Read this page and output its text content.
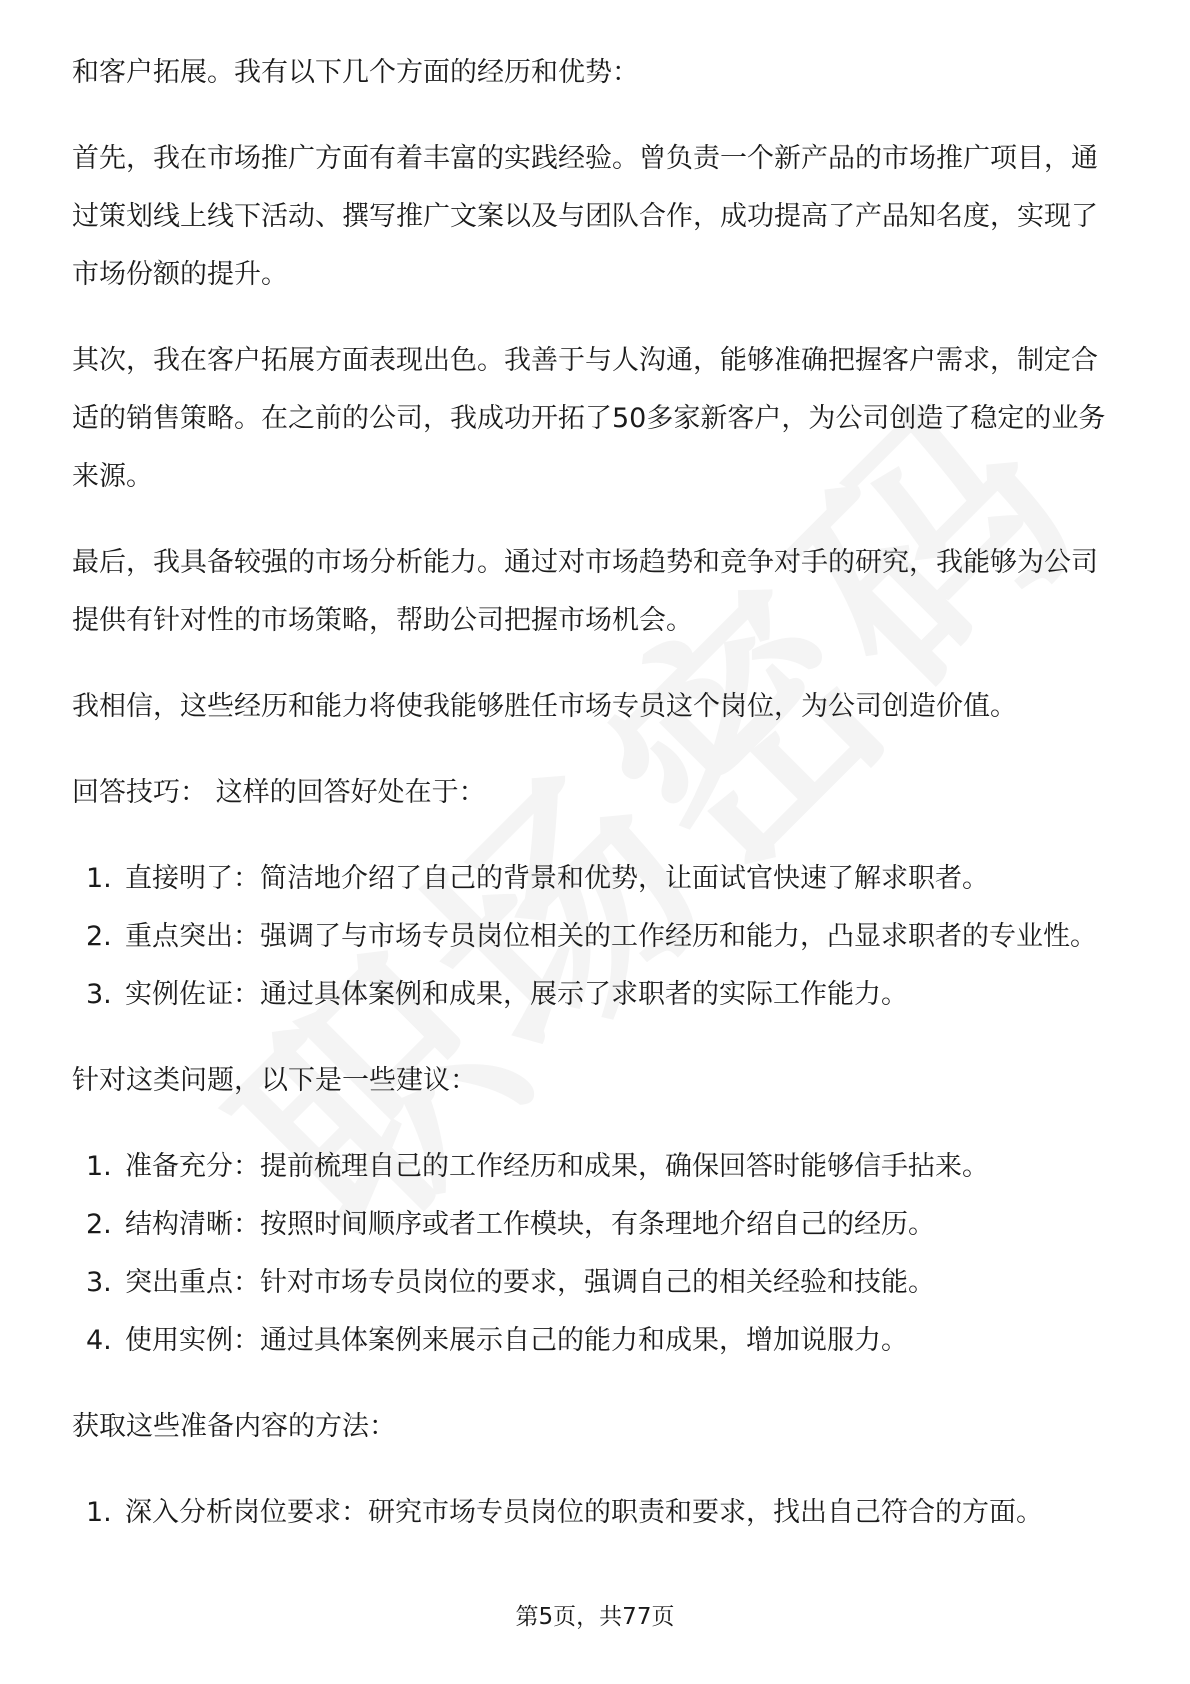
和客户拓展。我有以下几个方面的经历和优势：

首先，我在市场推广方面有着丰富的实践经验。曾负责一个新产品的市场推广项目，通过策划线上线下活动、撰写推广文案以及与团队合作，成功提高了产品知名度，实现了市场份额的提升。

其次，我在客户拓展方面表现出色。我善于与人沟通，能够准确把握客户需求，制定合适的销售策略。在之前的公司，我成功开拓了50多家新客户，为公司创造了稳定的业务来源。

最后，我具备较强的市场分析能力。通过对市场趋势和竞争对手的研究，我能够为公司提供有针对性的市场策略，帮助公司把握市场机会。

我相信，这些经历和能力将使我能够胜任市场专员这个岗位，为公司创造价值。

回答技巧： 这样的回答好处在于：

1. 直接明了：简洁地介绍了自己的背景和优势，让面试官快速了解求职者。
2. 重点突出：强调了与市场专员岗位相关的工作经历和能力，凸显求职者的专业性。
3. 实例佐证：通过具体案例和成果，展示了求职者的实际工作能力。

针对这类问题，以下是一些建议：

1. 准备充分：提前梳理自己的工作经历和成果，确保回答时能够信手拈来。
2. 结构清晰：按照时间顺序或者工作模块，有条理地介绍自己的经历。
3. 突出重点：针对市场专员岗位的要求，强调自己的相关经验和技能。
4. 使用实例：通过具体案例来展示自己的能力和成果，增加说服力。

获取这些准备内容的方法：

1. 深入分析岗位要求：研究市场专员岗位的职责和要求，找出自己符合的方面。
第5页，共77页
